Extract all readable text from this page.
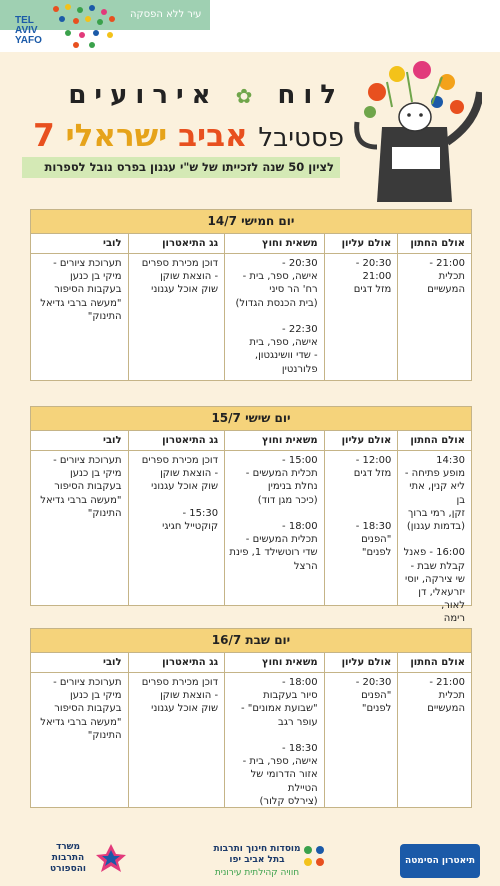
עיר ללא הפסקה
TEL
AVIV
YAFO
לוח ✿ אירועים
פסטיבל אביב ישראלי 7
לציון 50 שנה לזכייתו של ש"י עגנון בפרס נובל לספרות
יום חמישי 14/7
אולם החתון
אולם עליון
משאית וחוץ
גג התיאטרון
לובי
21:00 -
תכלית המעשיים
20:30 - 21:00
מזל דגים
20:30 -
אישה, ספר, בית -
רח' הר סיני
(בית הכנסת הגדול)

22:30 -
אישה, ספר, בית
- שדי וושינגטון,
פלורנטין
דוכן מכירת ספרים
- הוצאת שוקן
שוק אוכל עגנוני
תערוכת ציורים -
מיקי בן כנען
בעקבות הסיפור
"מעשה ברבי גדיאל
התינוק"
יום שישי 15/7
אולם החתון
אולם עליון
משאית וחוץ
גג התיאטרון
לובי
14:30
מופע פתיחה -
ליא קנין, אתי בן
זקן, רמי ברוך
(בדמות עגנון)

16:00 - פאנל
קבלת שבת -
שי צירקה, יוסי
יזרעאלי, דן לאור,
רימה
12:00 -
מזל דגים

18:30 -
"הפנים לפנים"
15:00 -
תכלית המעשים -
נחלת בנימין
(כיכר מגן דוד)

18:00 -
תכלית המעשים -
שדי רוטשילד 1, פינת
הרצל
דוכן מכירת ספרים
- הוצאת שוקן
שוק אוכל עגנוני

15:30 -
קוקטייל חגיגי
תערוכת ציורים -
מיקי בן כנען
בעקבות הסיפור
"מעשה ברבי גדיאל
התינוק"
יום שבת 16/7
אולם החתון
אולם עליון
משאית וחוץ
גג התיאטרון
לובי
21:00 -
תכלית המעשיים
20:30 -
"הפנים לפנים"
18:00 -
סיור בעקבות
"שבועת אמונים" -
עופר רגב

18:30 -
אישה, ספר, בית -
אזור הדרומי של
הטיילת
(צירלס קלור)
דוכן מכירת ספרים
- הוצאת שוקן
שוק אוכל עגנוני
תערוכת ציורים -
מיקי בן כנען
בעקבות הסיפור
"מעשה ברבי גדיאל
התינוק"
משרד התרבות והספורט
מוסדות חינוך ותרבות בתל אביב יפו
חוויה קהילתית עירונית
תיאטרון הסימטה
